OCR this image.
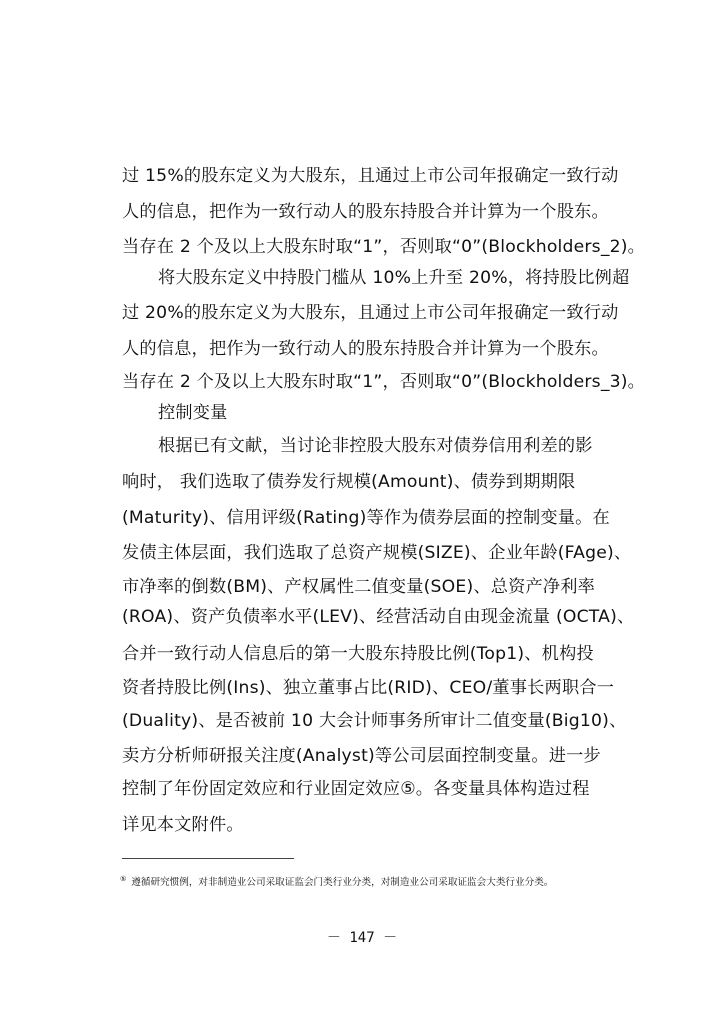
过 15%的股东定义为大股东，且通过上市公司年报确定一致行动
人的信息，把作为一致行动人的股东持股合并计算为一个股东。
当存在 2 个及以上大股东时取“1”，否则取“0”(Blockholders_2)。
将大股东定义中持股门槛从 10%上升至 20%，将持股比例超
过 20%的股东定义为大股东，且通过上市公司年报确定一致行动
人的信息，把作为一致行动人的股东持股合并计算为一个股东。
当存在 2 个及以上大股东时取“1”，否则取“0”(Blockholders_3)。
控制变量
根据已有文献，当讨论非控股大股东对债券信用利差的影
响时， 我们选取了债券发行规模(Amount)、债券到期期限
(Maturity)、信用评级(Rating)等作为债券层面的控制变量。在
发债主体层面，我们选取了总资产规模(SIZE)、企业年龄(FAge)、
市净率的倒数(BM)、产权属性二值变量(SOE)、总资产净利率
(ROA)、资产负债率水平(LEV)、经营活动自由现金流量 (OCTA)、
合并一致行动人信息后的第一大股东持股比例(Top1)、机构投
资者持股比例(Ins)、独立董事占比(RID)、CEO/董事长两职合一
(Duality)、是否被前 10 大会计师事务所审计二值变量(Big10)、
卖方分析师研报关注度(Analyst)等公司层面控制变量。进一步
控制了年份固定效应和行业固定效应⑤。各变量具体构造过程
详见本文附件。
⑤ 遵循研究惯例，对非制造业公司采取证监会门类行业分类，对制造业公司采取证监会大类行业分类。
－ 147 －
